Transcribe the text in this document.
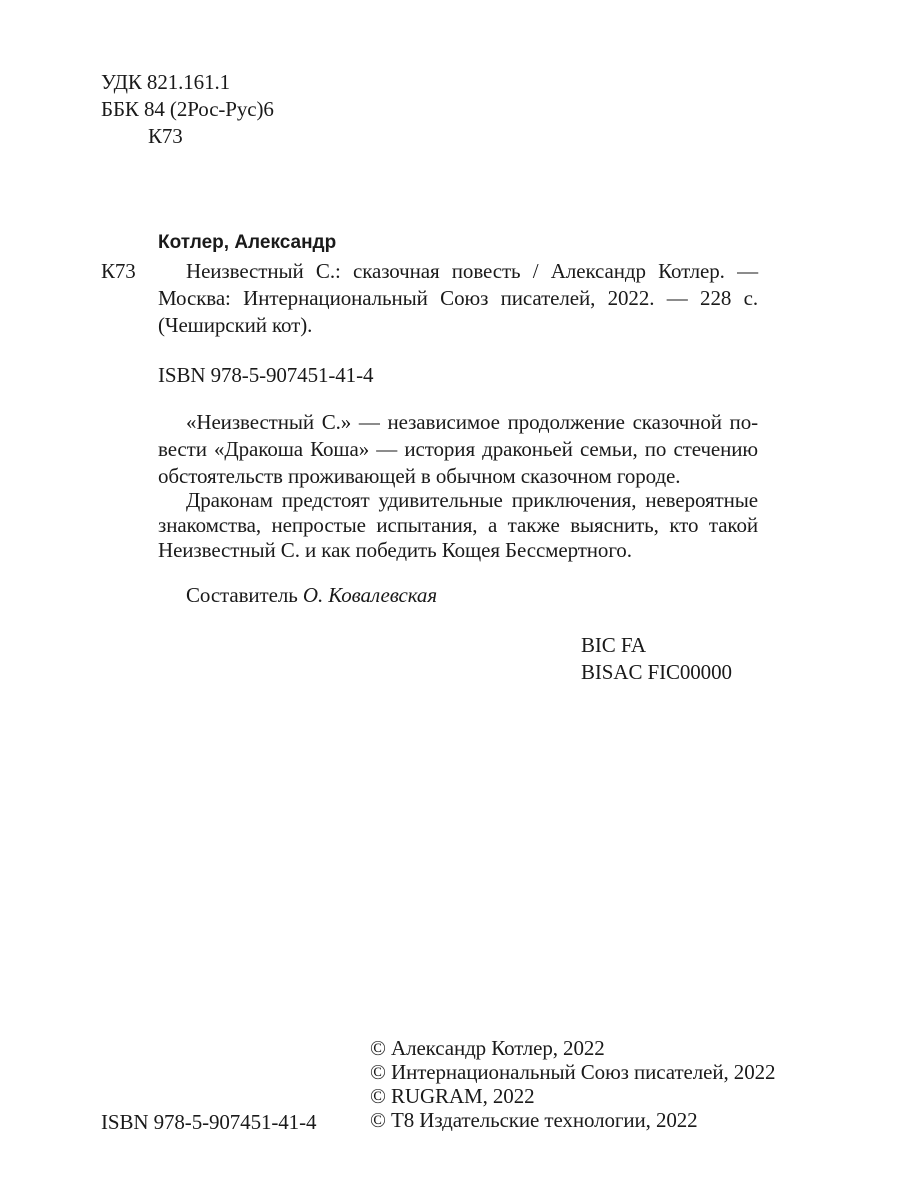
УДК 821.161.1
ББК 84 (2Рос-Рус)6
К73
Котлер, Александр
К73 Неизвестный С.: сказочная повесть / Александр Котлер. —
Москва: Интернациональный Союз писателей, 2022. — 228 с.
(Чеширский кот).
ISBN 978-5-907451-41-4
«Неизвестный С.» — независимое продолжение сказочной по-
вести «Дракоша Коша» — история драконьей семьи, по стечению
обстоятельств проживающей в обычном сказочном городе.
Драконам предстоят удивительные приключения, невероятные
знакомства, непростые испытания, а также выяснить, кто такой
Неизвестный С. и как победить Кощея Бессмертного.
Составитель О. Ковалевская
BIC FA
BISAC FIC00000
© Александр Котлер, 2022
© Интернациональный Союз писателей, 2022
© RUGRAM, 2022
© Т8 Издательские технологии, 2022
ISBN 978-5-907451-41-4
